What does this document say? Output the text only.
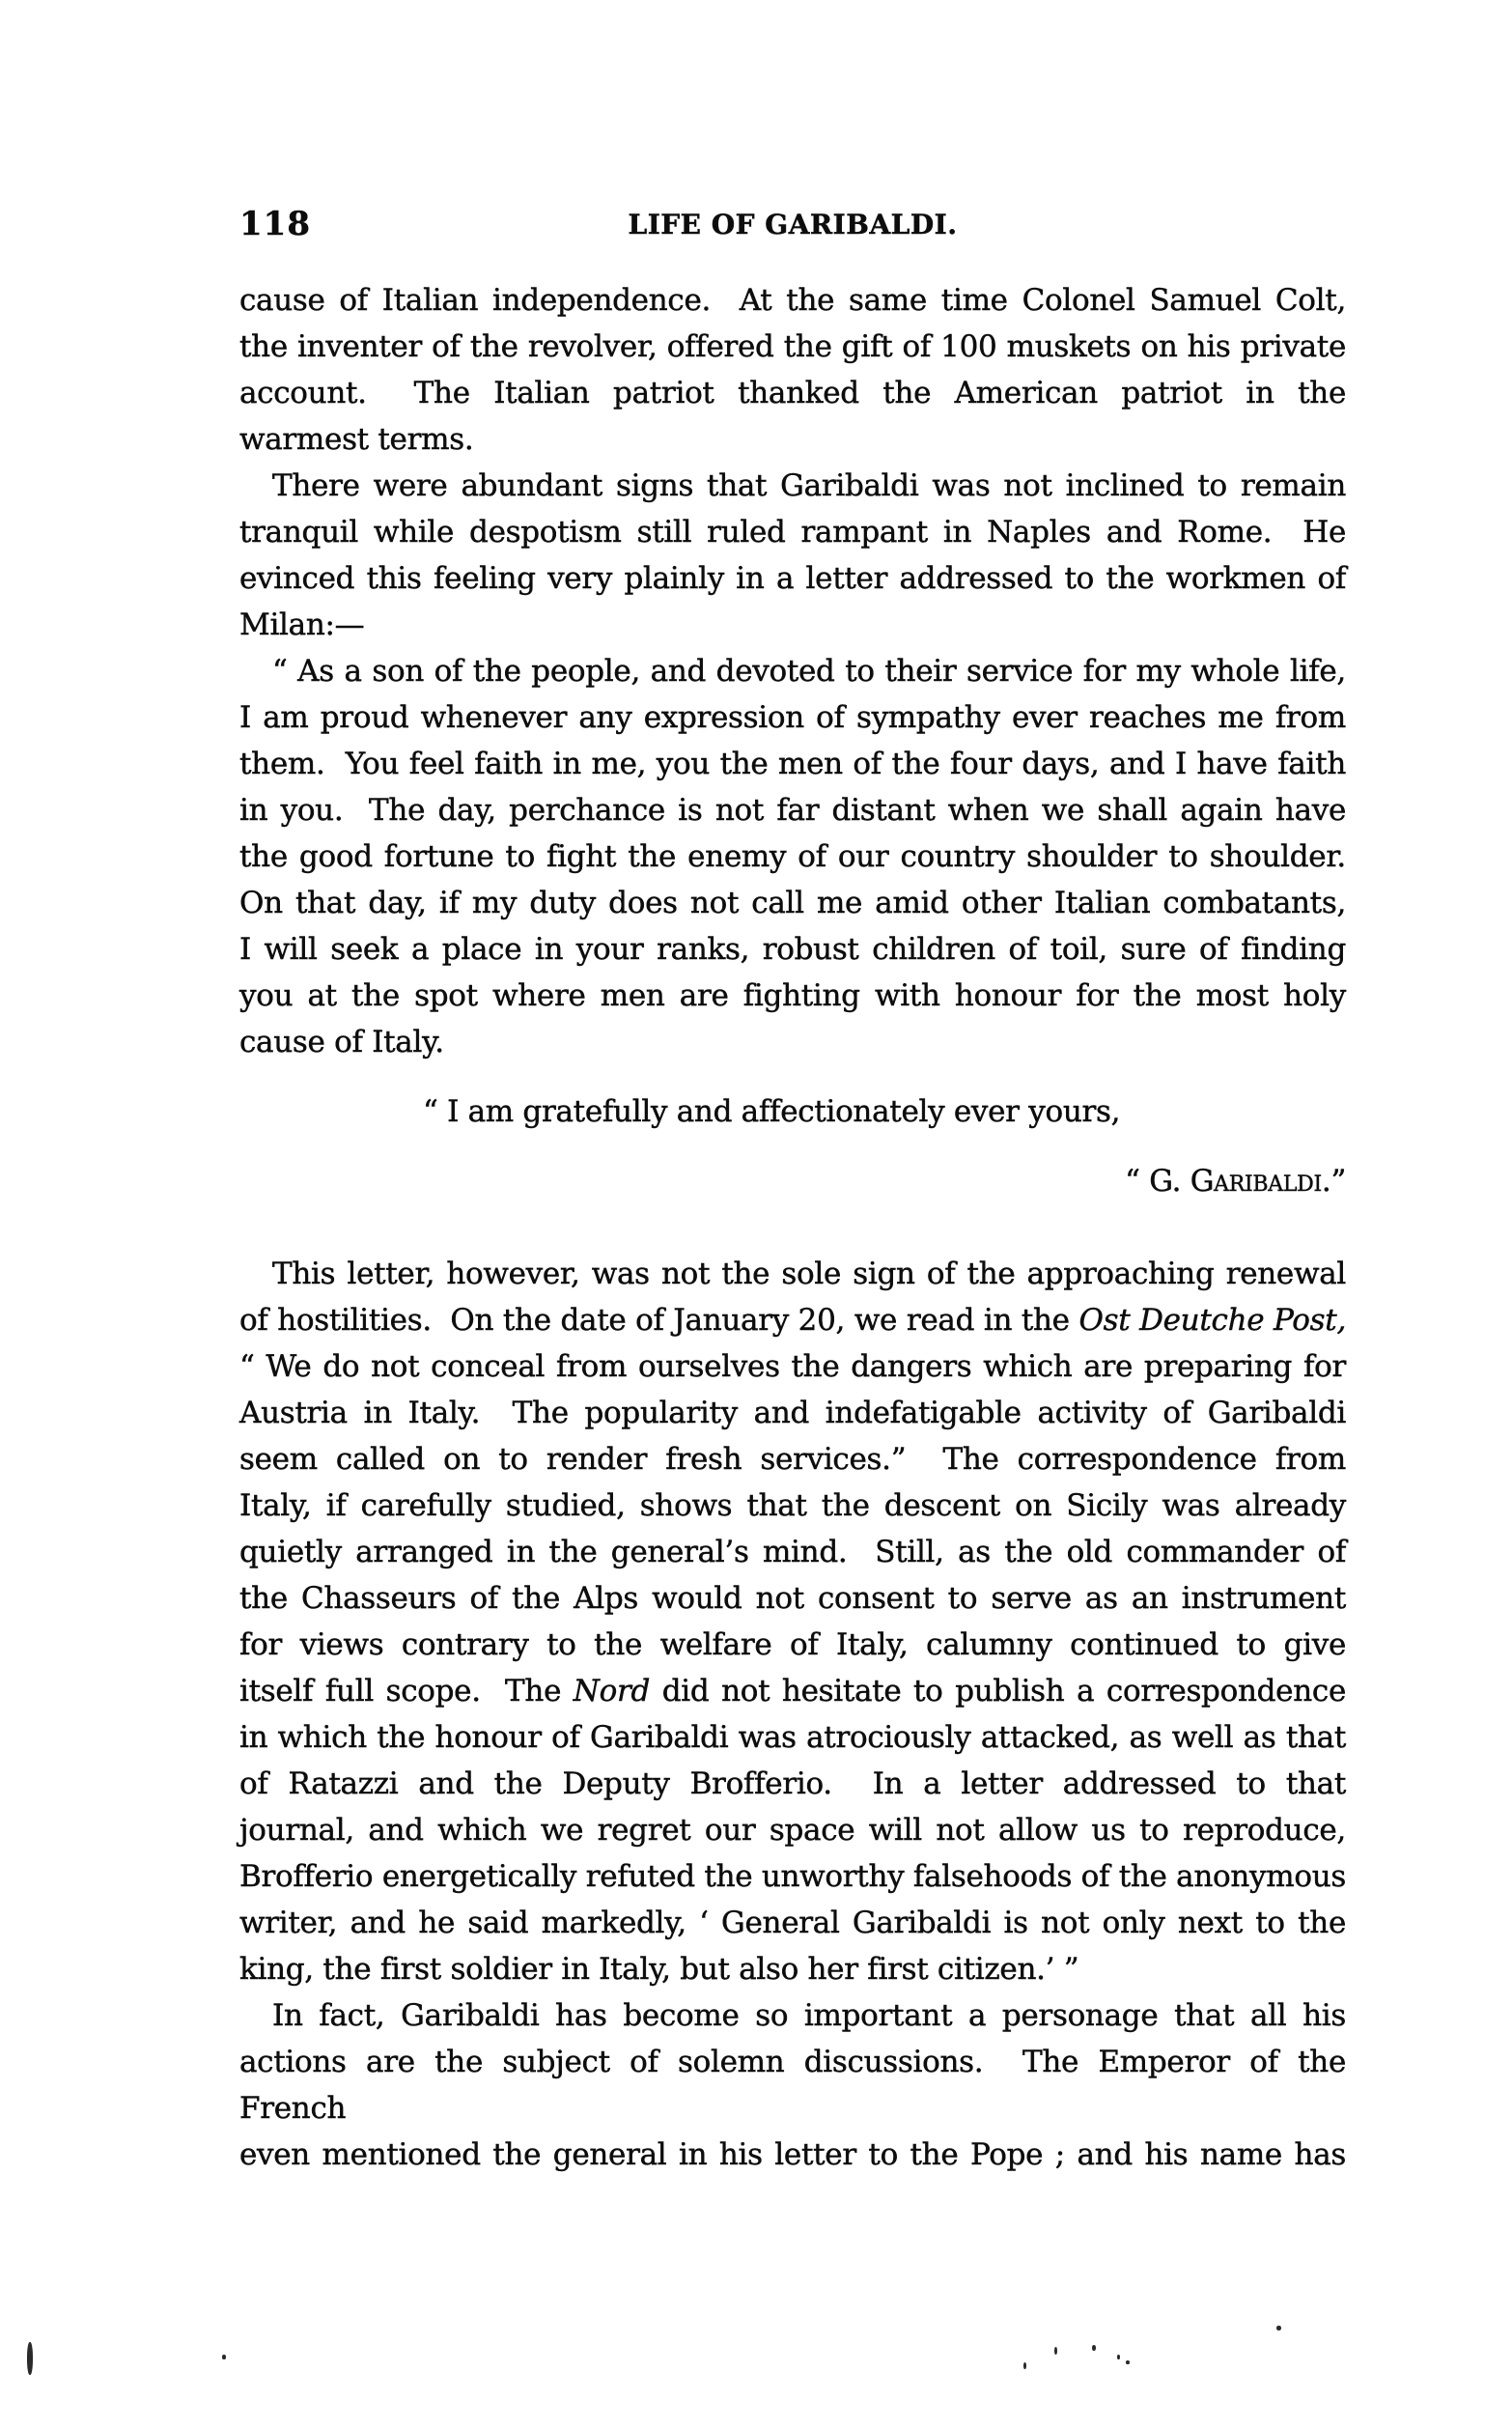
118	LIFE OF GARIBALDI.
cause of Italian independence.  At the same time Colonel Samuel Colt,
the inventer of the revolver, offered the gift of 100 muskets on his private
account.  The Italian patriot thanked the American patriot in the
warmest terms.
There were abundant signs that Garibaldi was not inclined to remain
tranquil while despotism still ruled rampant in Naples and Rome.  He
evinced this feeling very plainly in a letter addressed to the workmen of
Milan:—
“ As a son of the people, and devoted to their service for my whole life,
I am proud whenever any expression of sympathy ever reaches me from
them.  You feel faith in me, you the men of the four days, and I have faith
in you.  The day, perchance is not far distant when we shall again have
the good fortune to fight the enemy of our country shoulder to shoulder.
On that day, if my duty does not call me amid other Italian combatants,
I will seek a place in your ranks, robust children of toil, sure of finding
you at the spot where men are fighting with honour for the most holy
cause of Italy.
“ I am gratefully and affectionately ever yours,
“ G. Garibaldi.”
This letter, however, was not the sole sign of the approaching renewal
of hostilities.  On the date of January 20, we read in the Ost Deutche Post,
“ We do not conceal from ourselves the dangers which are preparing for
Austria in Italy.  The popularity and indefatigable activity of Garibaldi
seem called on to render fresh services.”  The correspondence from
Italy, if carefully studied, shows that the descent on Sicily was already
quietly arranged in the general’s mind.  Still, as the old commander of
the Chasseurs of the Alps would not consent to serve as an instrument
for views contrary to the welfare of Italy, calumny continued to give
itself full scope.  The Nord did not hesitate to publish a correspondence
in which the honour of Garibaldi was atrociously attacked, as well as that
of Ratazzi and the Deputy Brofferio.  In a letter addressed to that
journal, and which we regret our space will not allow us to reproduce,
Brofferio energetically refuted the unworthy falsehoods of the anonymous
writer, and he said markedly, ‘ General Garibaldi is not only next to the
king, the first soldier in Italy, but also her first citizen.’ ”
In fact, Garibaldi has become so important a personage that all his
actions are the subject of solemn discussions.  The Emperor of the French
even mentioned the general in his letter to the Pope ; and his name has
